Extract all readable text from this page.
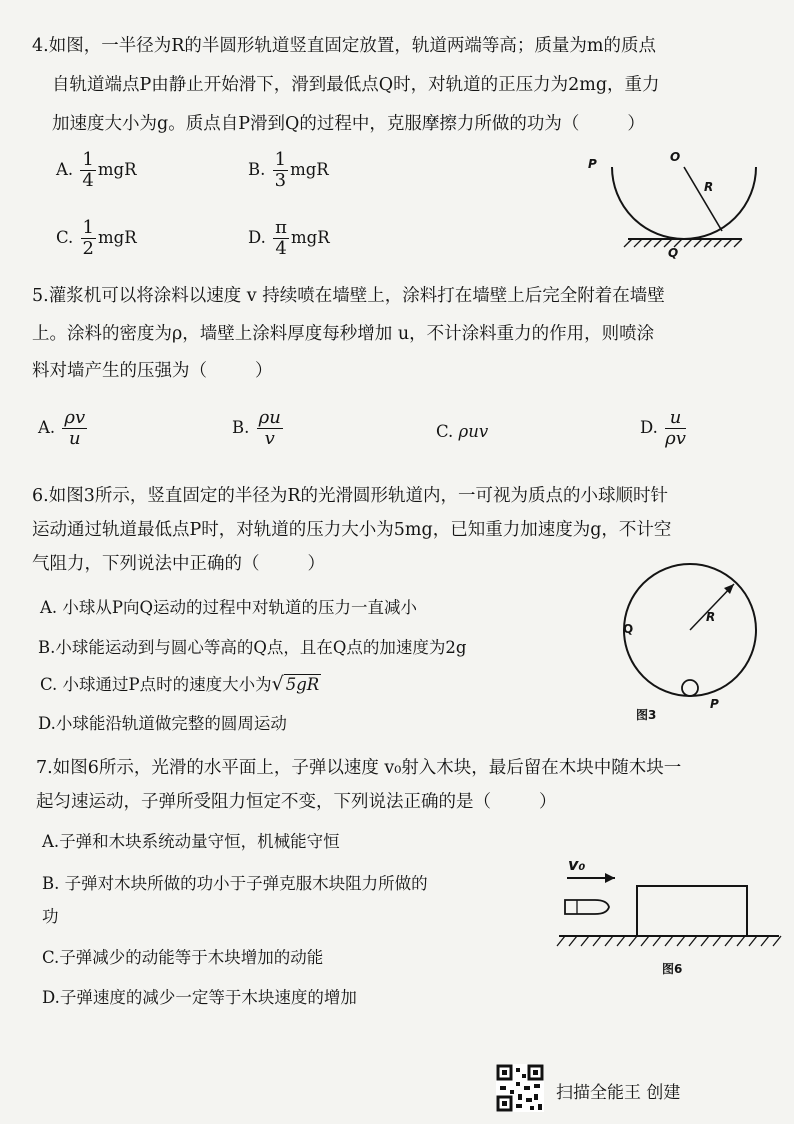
4.如图，一半径为R的半圆形轨道竖直固定放置，轨道两端等高；质量为m的质点
自轨道端点P由静止开始滑下，滑到最低点Q时，对轨道的正压力为2mg，重力
加速度大小为g。质点自P滑到Q的过程中，克服摩擦力所做的功为（	）
A. $\frac{1}{4}$ mgR	B. $\frac{1}{3}$ mgR
C. $\frac{1}{2}$ mgR	D. $\frac{\pi}{4}$ mgR
P	O
R
Q
5.灌浆机可以将涂料以速度 v 持续喷在墙壁上，涂料打在墙壁上后完全附着在墙壁
上。涂料的密度为ρ，墙壁上涂料厚度每秒增加 u，不计涂料重力的作用，则喷涂
料对墙产生的压强为（	）
A. $\frac{\rho v}{u}$	B. $\frac{\rho u}{v}$	C. ρuv	D. $\frac{u}{\rho v}$
6.如图3所示，竖直固定的半径为R的光滑圆形轨道内，一可视为质点的小球顺时针
运动通过轨道最低点P时，对轨道的压力大小为5mg，已知重力加速度为g，不计空
气阻力，下列说法中正确的（	）
A. 小球从P向Q运动的过程中对轨道的压力一直减小
B.小球能运动到与圆心等高的Q点，且在Q点的加速度为2g
C. 小球通过P点时的速度大小为√ 5gR
D.小球能沿轨道做完整的圆周运动
R
Q
P
图3
7.如图6所示，光滑的水平面上，子弹以速度 v₀射入木块，最后留在木块中随木块一
起匀速运动，子弹所受阻力恒定不变，下列说法正确的是（	）
A.子弹和木块系统动量守恒，机械能守恒
B. 子弹对木块所做的功小于子弹克服木块阻力所做的
功
C.子弹减少的动能等于木块增加的动能
D.子弹速度的减少一定等于木块速度的增加
v₀
图6
扫描全能王 创建
